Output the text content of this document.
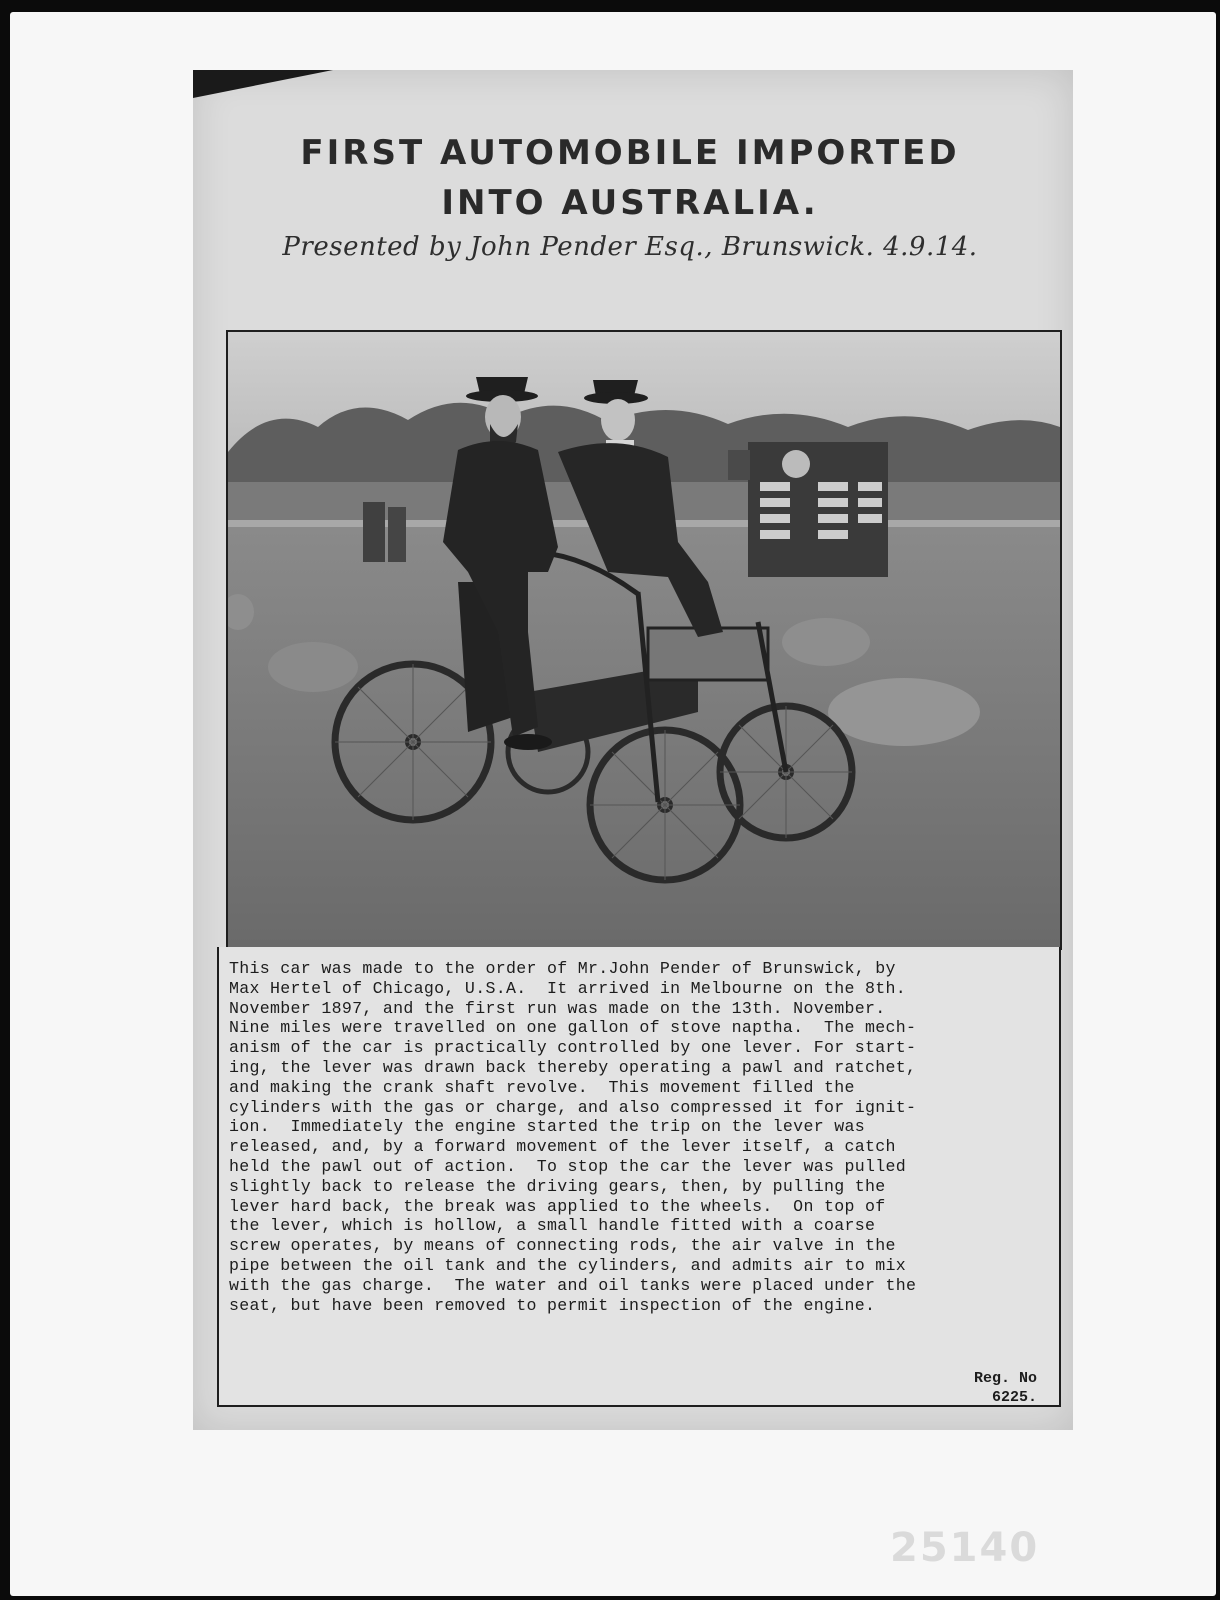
FIRST AUTOMOBILE IMPORTED
INTO AUSTRALIA.

Presented by John Pender Esq., Brunswick. 4.9.14.

This car was made to the order of Mr.John Pender of Brunswick, by
Max Hertel of Chicago, U.S.A.  It arrived in Melbourne on the 8th.
November 1897, and the first run was made on the 13th. November.
Nine miles were travelled on one gallon of stove naptha.  The mech-
anism of the car is practically controlled by one lever. For start-
ing, the lever was drawn back thereby operating a pawl and ratchet,
and making the crank shaft revolve.  This movement filled the
cylinders with the gas or charge, and also compressed it for ignit-
ion.  Immediately the engine started the trip on the lever was
released, and, by a forward movement of the lever itself, a catch
held the pawl out of action.  To stop the car the lever was pulled
slightly back to release the driving gears, then, by pulling the
lever hard back, the break was applied to the wheels.  On top of
the lever, which is hollow, a small handle fitted with a coarse
screw operates, by means of connecting rods, the air valve in the
pipe between the oil tank and the cylinders, and admits air to mix
with the gas charge.  The water and oil tanks were placed under the
seat, but have been removed to permit inspection of the engine.

Reg. No

6225.

25140
